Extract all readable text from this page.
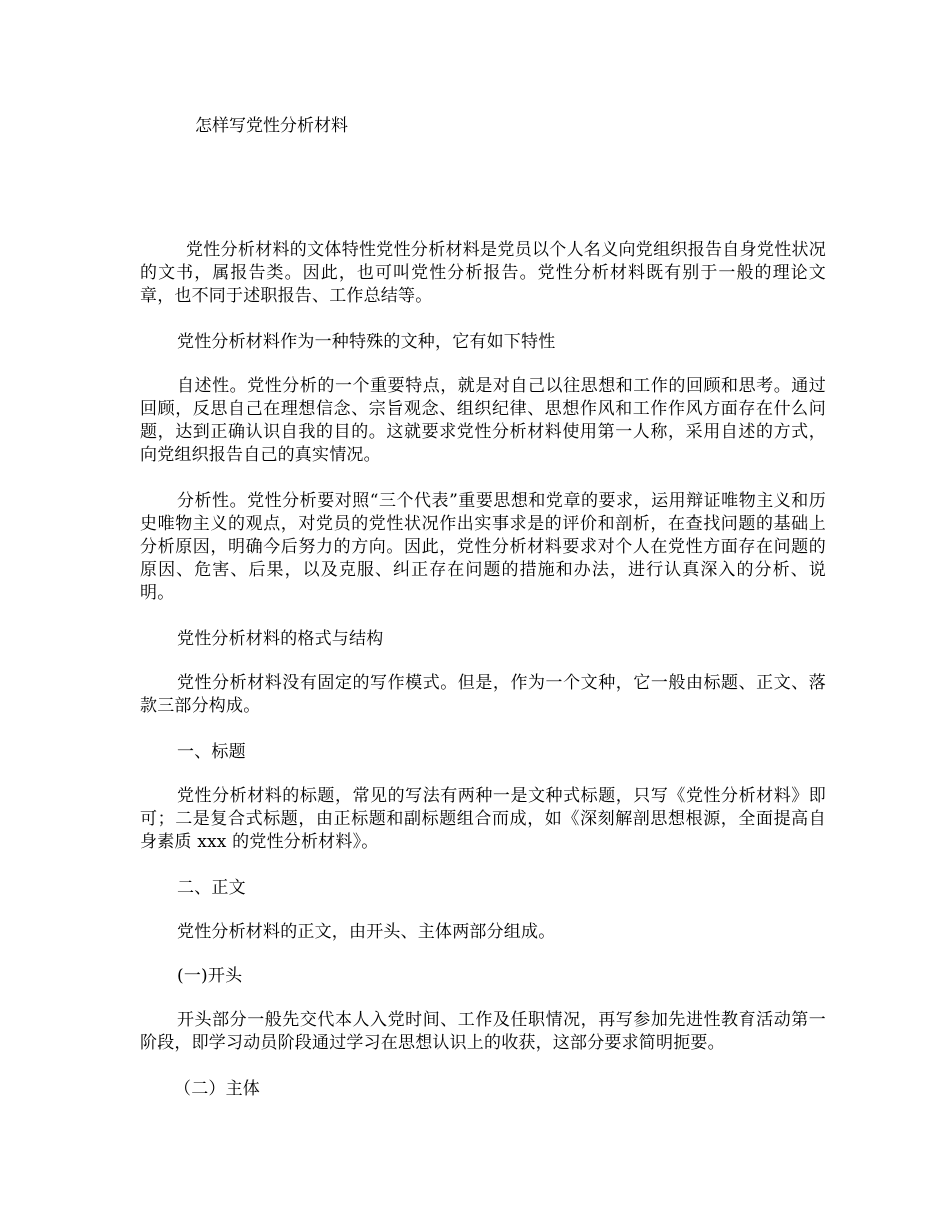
怎样写党性分析材料

党性分析材料的文体特性党性分析材料是党员以个人名义向党组织报告自身党性状况的文书，属报告类。因此，也可叫党性分析报告。党性分析材料既有别于一般的理论文章，也不同于述职报告、工作总结等。

党性分析材料作为一种特殊的文种，它有如下特性

自述性。党性分析的一个重要特点，就是对自己以往思想和工作的回顾和思考。通过回顾，反思自己在理想信念、宗旨观念、组织纪律、思想作风和工作作风方面存在什么问题，达到正确认识自我的目的。这就要求党性分析材料使用第一人称，采用自述的方式，向党组织报告自己的真实情况。

分析性。党性分析要对照“三个代表”重要思想和党章的要求，运用辩证唯物主义和历史唯物主义的观点，对党员的党性状况作出实事求是的评价和剖析，在查找问题的基础上分析原因，明确今后努力的方向。因此，党性分析材料要求对个人在党性方面存在问题的原因、危害、后果，以及克服、纠正存在问题的措施和办法，进行认真深入的分析、说明。

党性分析材料的格式与结构

党性分析材料没有固定的写作模式。但是，作为一个文种，它一般由标题、正文、落款三部分构成。

一、标题

党性分析材料的标题，常见的写法有两种一是文种式标题，只写《党性分析材料》即可；二是复合式标题，由正标题和副标题组合而成，如《深刻解剖思想根源，全面提高自身素质 xxx 的党性分析材料》。

二、正文

党性分析材料的正文，由开头、主体两部分组成。

(一)开头

开头部分一般先交代本人入党时间、工作及任职情况，再写参加先进性教育活动第一阶段，即学习动员阶段通过学习在思想认识上的收获，这部分要求简明扼要。

（二）主体
